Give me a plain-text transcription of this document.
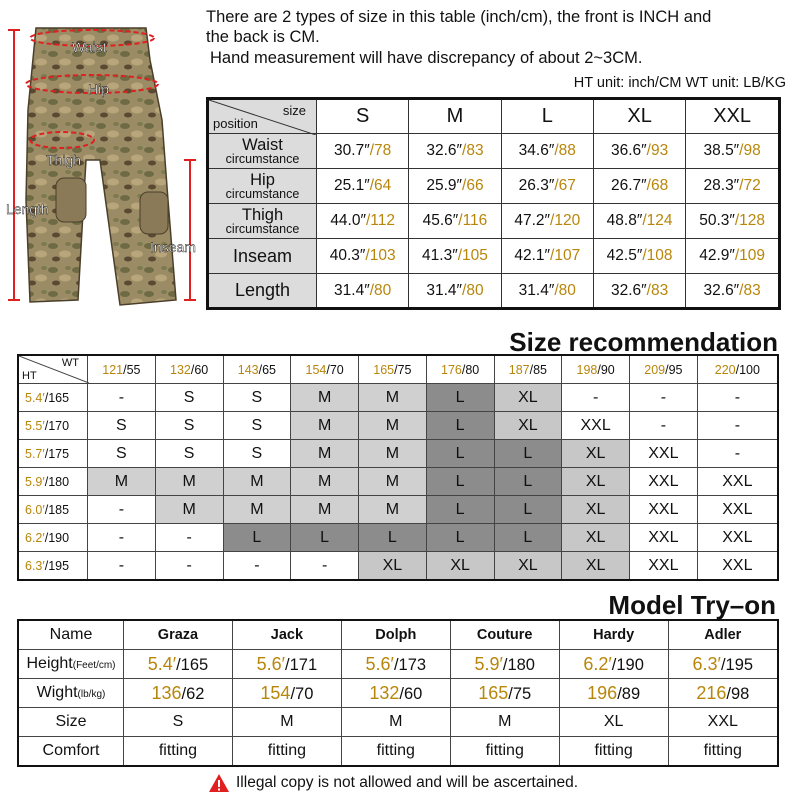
Waist
Hip
Thigh
Length
Inseam
There are 2 types of size in this table (inch/cm), the front is INCH and
the back is CM.
Hand measurement will have discrepancy of about 2~3CM.
HT unit: inch/CM WT unit: LB/KG
size
position	S	M	L	XL	XXL

Waist
circumstance	30.7″/78	32.6″/83	34.6″/88	36.6″/93	38.5″/98

Hip
circumstance	25.1″/64	25.9″/66	26.3″/67	26.7″/68	28.3″/72

Thigh
circumstance	44.0″/112	45.6″/116	47.2″/120	48.8″/124	50.3″/128
Inseam	40.3″/103	41.3″/105	42.1″/107	42.5″/108	42.9″/109
Length	31.4″/80	31.4″/80	31.4″/80	32.6″/83	32.6″/83
Size recommendation
WT
HT	121/55	132/60	143/65	154/70	165/75	176/80	187/85	198/90	209/95	220/100
5.4′/165	-	S	S	M	M	L	XL	-	-	-
5.5′/170	S	S	S	M	M	L	XL	XXL	-	-
5.7′/175	S	S	S	M	M	L	L	XL	XXL	-
5.9′/180	M	M	M	M	M	L	L	XL	XXL	XXL
6.0′/185	-	M	M	M	M	L	L	XL	XXL	XXL
6.2′/190	-	-	L	L	L	L	L	XL	XXL	XXL
6.3′/195	-	-	-	-	XL	XL	XL	XL	XXL	XXL
Model Try–on
Name	Graza	Jack	Dolph	Couture	Hardy	Adler
Height(Feet/cm)	5.4′/165	5.6′/171	5.6′/173	5.9′/180	6.2′/190	6.3′/195
Wight(lb/kg)	136/62	154/70	132/60	165/75	196/89	216/98
Size	S	M	M	M	XL	XXL
Comfort	fitting	fitting	fitting	fitting	fitting	fitting
Illegal copy is not allowed and will be ascertained.
